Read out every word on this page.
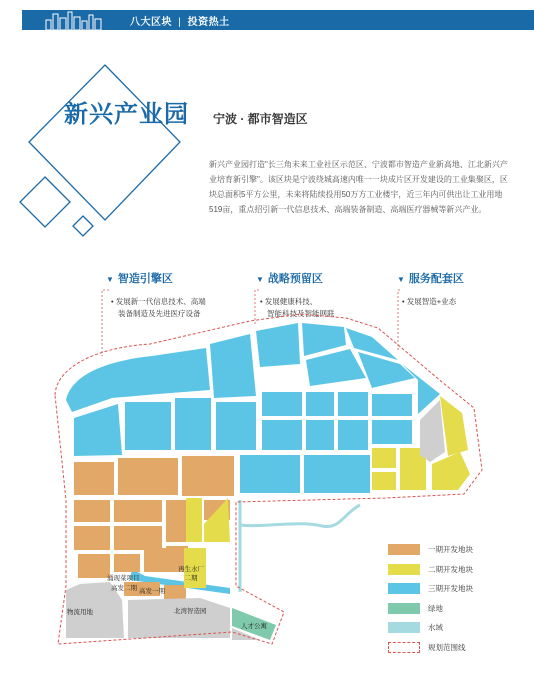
八大区块 | 投资热土
新兴产业园 宁波 · 都市智造区
新兴产业园打造"长三角未来工业社区示范区、宁波都市智造产业新高地、江北新兴产业培育新引擎"。该区块是宁波绕城高速内唯一一块成片区开发建设的工业集聚区，区块总面积5平方公里，未来将陆续投用50万方工业楼宇，近三年内可供出让工业用地519亩，重点招引新一代信息技术、高端装备制造、高端医疗器械等新兴产业。
▼ 智造引擎区
• 发展新一代信息技术、高端
装备制造及先进医疗设备
▼ 战略预留区
• 发展健康科技、
智能科技及智能网联
▼ 服务配套区
• 发展智造+业态
涌现菜项目
高发二期 高发一期
再生水厂
二期
物流用地	北湾智造园
人才公寓
一期开发地块
二期开发地块
三期开发地块
绿地
水域
规划范围线
